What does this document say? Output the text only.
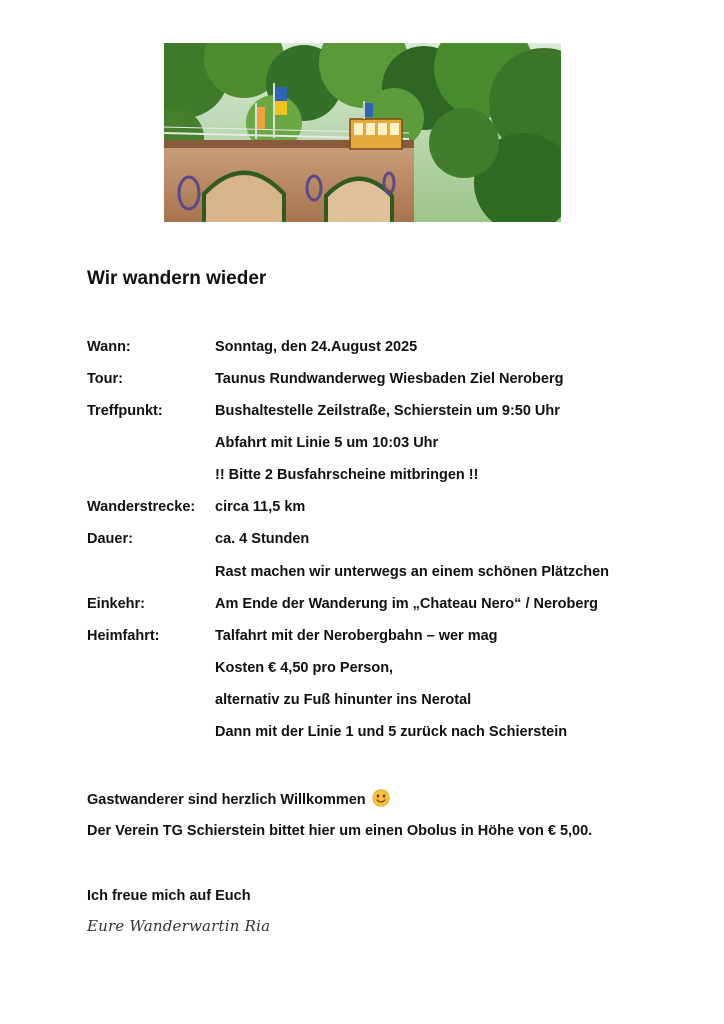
Wir wandern wieder
Wann:	Sonntag, den 24.August 2025
Tour:	Taunus Rundwanderweg Wiesbaden Ziel Neroberg
Treffpunkt:	Bushaltestelle Zeilstraße, Schierstein um 9:50 Uhr
Abfahrt mit Linie 5 um 10:03 Uhr
!! Bitte 2 Busfahrscheine mitbringen !!
Wanderstrecke: circa 11,5 km
Dauer:	ca. 4 Stunden
Rast machen wir unterwegs an einem schönen Plätzchen
Einkehr:	Am Ende der Wanderung im „Chateau Nero“ / Neroberg
Heimfahrt:	Talfahrt mit der Nerobergbahn – wer mag
Kosten € 4,50 pro Person,
alternativ zu Fuß hinunter ins Nerotal
Dann mit der Linie 1 und 5 zurück nach Schierstein
Gastwanderer sind herzlich Willkommen
Der Verein TG Schierstein bittet hier um einen Obolus in Höhe von € 5,00.
Ich freue mich auf Euch
Eure Wanderwartin Ria
